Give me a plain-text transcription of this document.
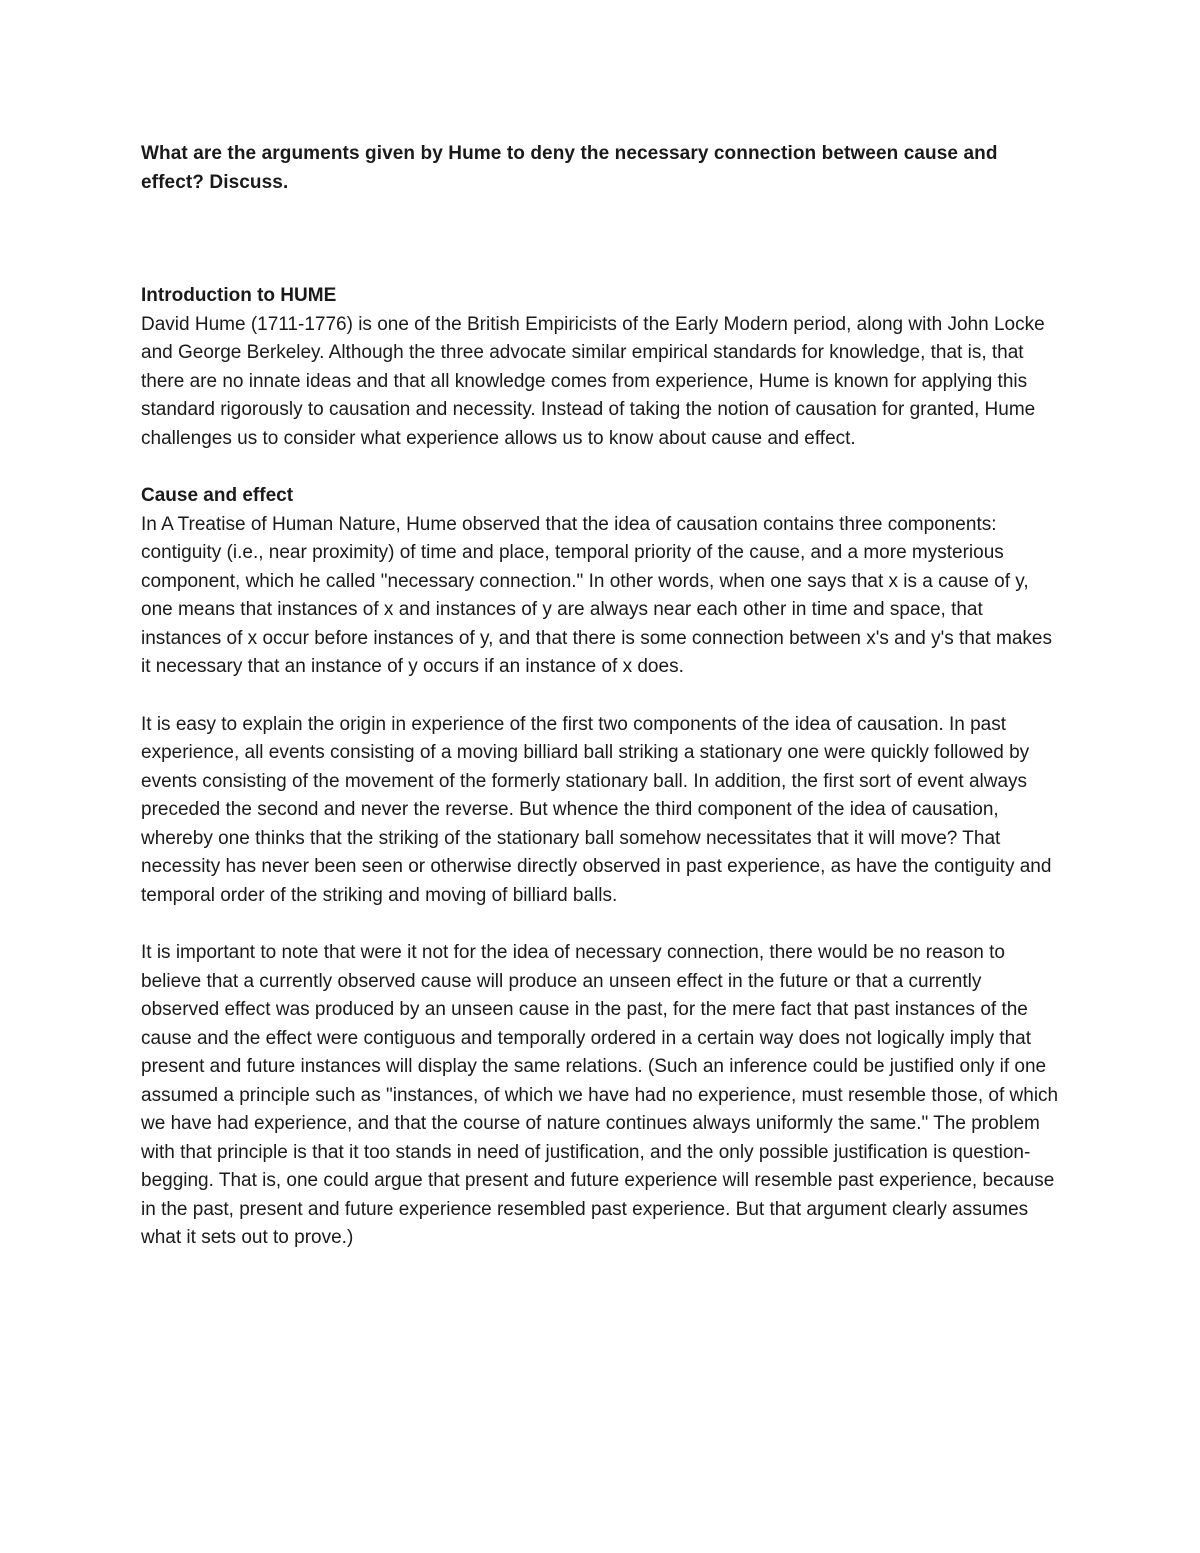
What are the arguments given by Hume to deny the necessary connection between cause and effect? Discuss.

Introduction to HUME

David Hume (1711-1776) is one of the British Empiricists of the Early Modern period, along with John Locke and George Berkeley. Although the three advocate similar empirical standards for knowledge, that is, that there are no innate ideas and that all knowledge comes from experience, Hume is known for applying this standard rigorously to causation and necessity. Instead of taking the notion of causation for granted, Hume challenges us to consider what experience allows us to know about cause and effect.

Cause and effect

In A Treatise of Human Nature, Hume observed that the idea of causation contains three components: contiguity (i.e., near proximity) of time and place, temporal priority of the cause, and a more mysterious component, which he called "necessary connection." In other words, when one says that x is a cause of y, one means that instances of x and instances of y are always near each other in time and space, that instances of x occur before instances of y, and that there is some connection between x's and y's that makes it necessary that an instance of y occurs if an instance of x does.

It is easy to explain the origin in experience of the first two components of the idea of causation. In past experience, all events consisting of a moving billiard ball striking a stationary one were quickly followed by events consisting of the movement of the formerly stationary ball. In addition, the first sort of event always preceded the second and never the reverse. But whence the third component of the idea of causation, whereby one thinks that the striking of the stationary ball somehow necessitates that it will move? That necessity has never been seen or otherwise directly observed in past experience, as have the contiguity and temporal order of the striking and moving of billiard balls.

It is important to note that were it not for the idea of necessary connection, there would be no reason to believe that a currently observed cause will produce an unseen effect in the future or that a currently observed effect was produced by an unseen cause in the past, for the mere fact that past instances of the cause and the effect were contiguous and temporally ordered in a certain way does not logically imply that present and future instances will display the same relations. (Such an inference could be justified only if one assumed a principle such as "instances, of which we have had no experience, must resemble those, of which we have had experience, and that the course of nature continues always uniformly the same." The problem with that principle is that it too stands in need of justification, and the only possible justification is question-begging. That is, one could argue that present and future experience will resemble past experience, because in the past, present and future experience resembled past experience. But that argument clearly assumes what it sets out to prove.)
